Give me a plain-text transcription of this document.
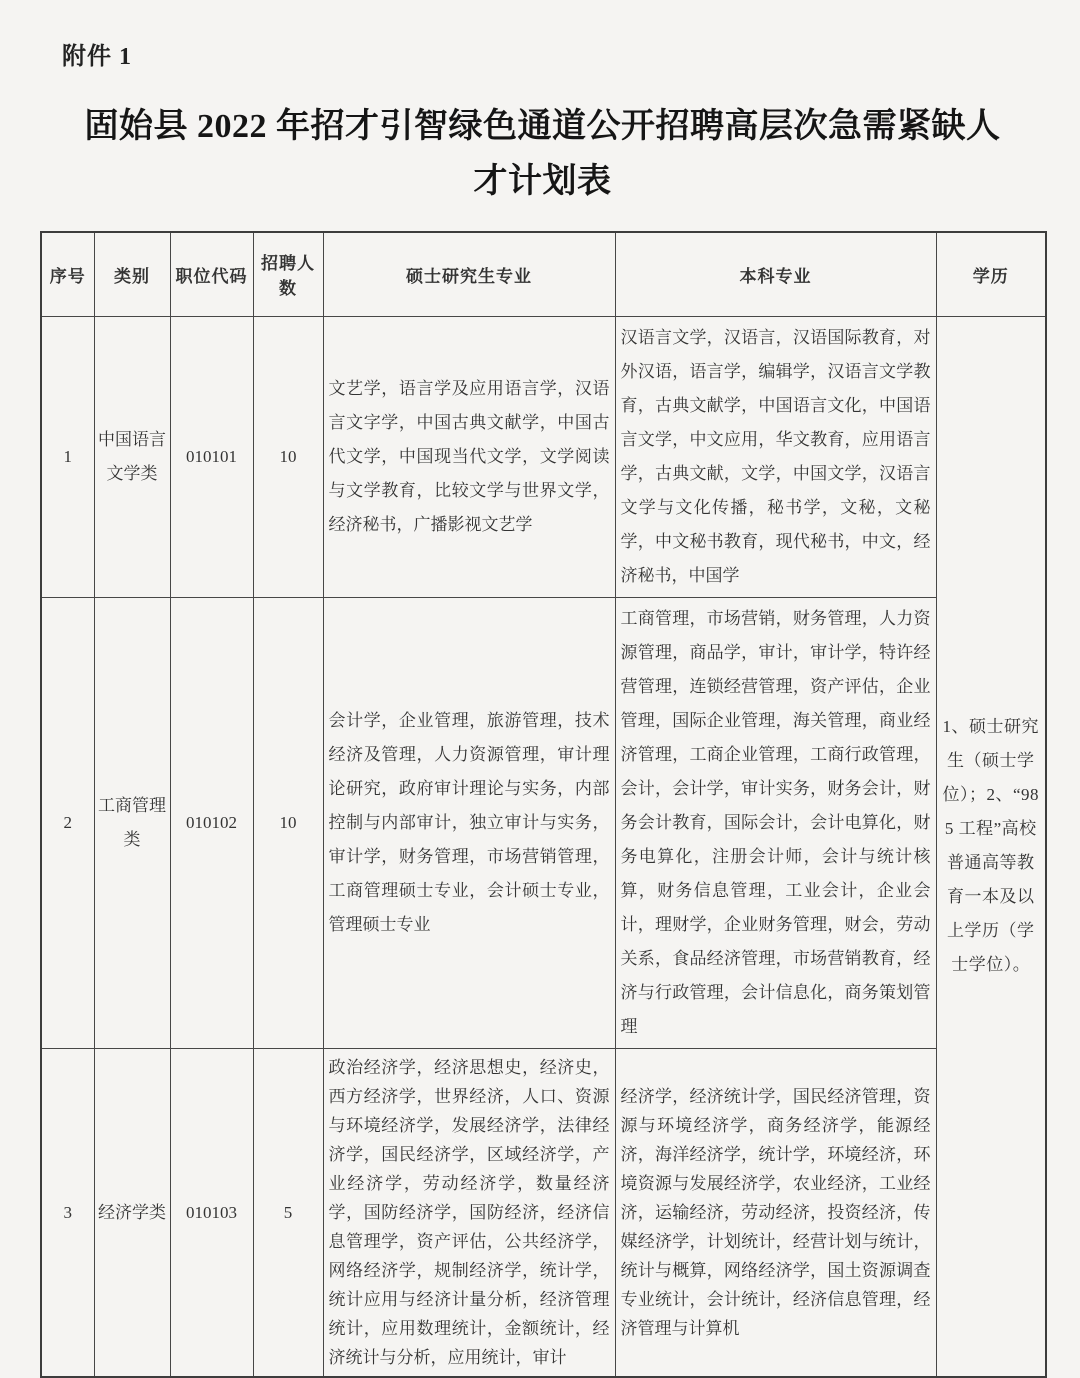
附件 1
固始县 2022 年招才引智绿色通道公开招聘高层次急需紧缺人才计划表
序号	类别	职位代码	招聘人数	硕士研究生专业	本科专业	学历
1	中国语言文学类	010101	10	文艺学，语言学及应用语言学，汉语言文字学，中国古典文献学，中国古代文学，中国现当代文学，文学阅读与文学教育，比较文学与世界文学，经济秘书，广播影视文艺学	汉语言文学，汉语言，汉语国际教育，对外汉语，语言学，编辑学，汉语言文学教育，古典文献学，中国语言文化，中国语言文学，中文应用，华文教育，应用语言学，古典文献，文学，中国文学，汉语言文学与文化传播，秘书学，文秘，文秘学，中文秘书教育，现代秘书，中文，经济秘书，中国学	1、硕士研究生（硕士学位）；2、“985 工程”高校普通高等教育一本及以上学历（学士学位）。
2	工商管理类	010102	10	会计学，企业管理，旅游管理，技术经济及管理，人力资源管理，审计理论研究，政府审计理论与实务，内部控制与内部审计，独立审计与实务，审计学，财务管理，市场营销管理，工商管理硕士专业，会计硕士专业，管理硕士专业	工商管理，市场营销，财务管理，人力资源管理，商品学，审计，审计学，特许经营管理，连锁经营管理，资产评估，企业管理，国际企业管理，海关管理，商业经济管理，工商企业管理，工商行政管理，会计，会计学，审计实务，财务会计，财务会计教育，国际会计，会计电算化，财务电算化，注册会计师，会计与统计核算，财务信息管理，工业会计，企业会计，理财学，企业财务管理，财会，劳动关系，食品经济管理，市场营销教育，经济与行政管理，会计信息化，商务策划管理	
3	经济学类	010103	5	政治经济学，经济思想史，经济史，西方经济学，世界经济，人口、资源与环境经济学，发展经济学，法律经济学，国民经济学，区域经济学，产业经济学，劳动经济学，数量经济学，国防经济学，国防经济，经济信息管理学，资产评估，公共经济学，网络经济学，规制经济学，统计学，统计应用与经济计量分析，经济管理统计，应用数理统计，金额统计，经济统计与分析，应用统计，审计	经济学，经济统计学，国民经济管理，资源与环境经济学，商务经济学，能源经济，海洋经济学，统计学，环境经济，环境资源与发展经济学，农业经济，工业经济，运输经济，劳动经济，投资经济，传媒经济学，计划统计，经营计划与统计，统计与概算，网络经济学，国土资源调查专业统计，会计统计，经济信息管理，经济管理与计算机	
